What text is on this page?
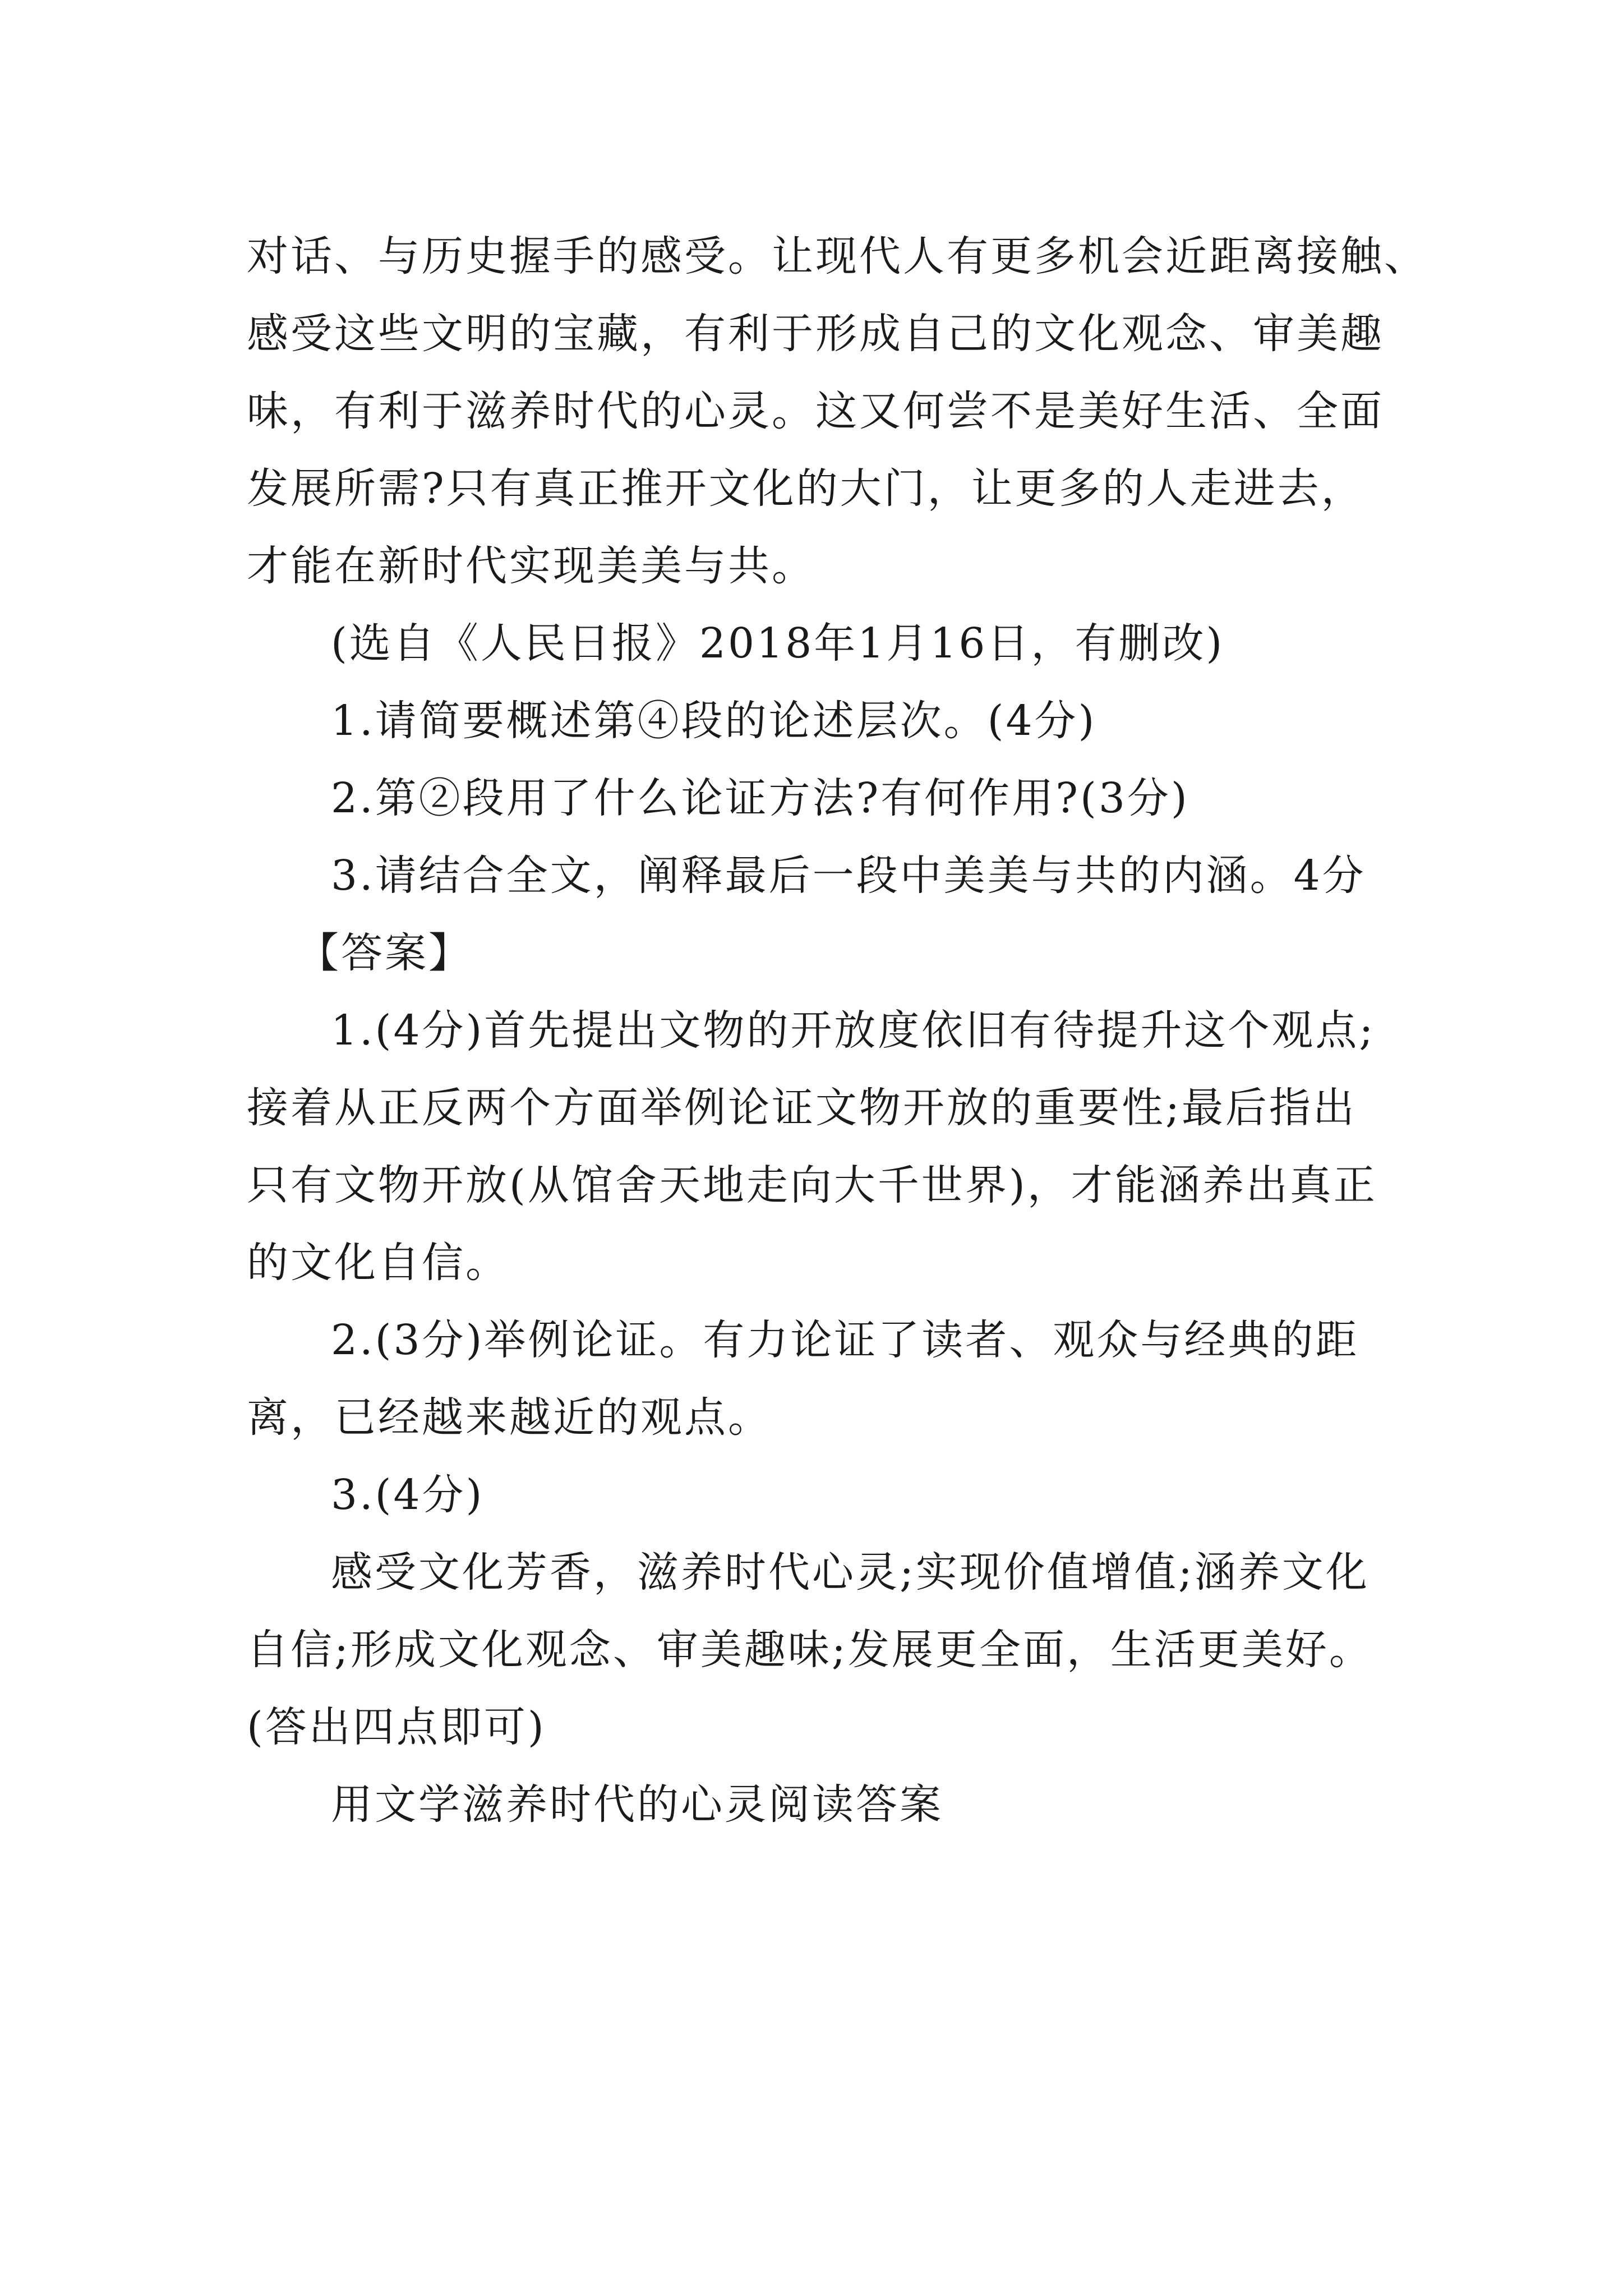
对话、与历史握手的感受。让现代人有更多机会近距离接触、
感受这些文明的宝藏，有利于形成自己的文化观念、审美趣
味，有利于滋养时代的心灵。这又何尝不是美好生活、全面
发展所需?只有真正推开文化的大门，让更多的人走进去，
才能在新时代实现美美与共。
(选自《人民日报》2018年1月16日，有删改)
1.请简要概述第④段的论述层次。(4分)
2.第②段用了什么论证方法?有何作用?(3分)
3.请结合全文，阐释最后一段中美美与共的内涵。4分
【答案】
1.(4分)首先提出文物的开放度依旧有待提升这个观点;
接着从正反两个方面举例论证文物开放的重要性;最后指出
只有文物开放(从馆舍天地走向大千世界)，才能涵养出真正
的文化自信。
2.(3分)举例论证。有力论证了读者、观众与经典的距
离，已经越来越近的观点。
3.(4分)
感受文化芳香，滋养时代心灵;实现价值增值;涵养文化
自信;形成文化观念、审美趣味;发展更全面，生活更美好。
(答出四点即可)
用文学滋养时代的心灵阅读答案
